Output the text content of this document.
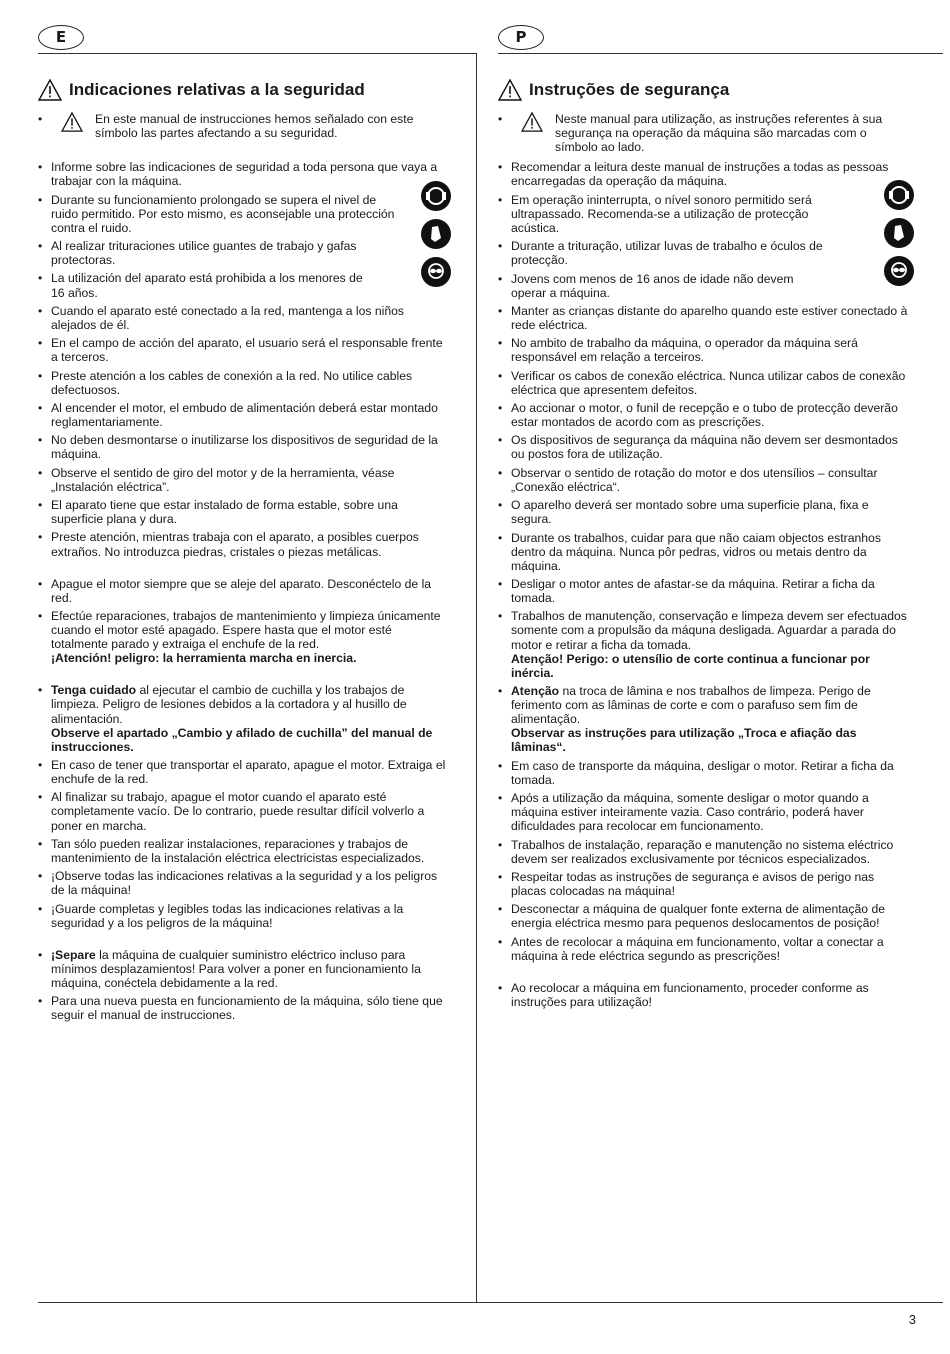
E	P
Indicaciones relativas a la seguridad
• En este manual de instrucciones hemos señalado con este símbolo las partes afectando a su seguridad.
• Informe sobre las indicaciones de seguridad a toda persona que vaya a trabajar con la máquina.
• Durante su funcionamiento prolongado se supera el nivel de ruido permitido. Por esto mismo, es aconsejable una protección contra el ruido.
• Al realizar trituraciones utilice guantes de trabajo y gafas protectoras.
• La utilización del aparato está prohibida a los menores de 16 años.
• Cuando el aparato esté conectado a la red, mantenga a los niños alejados de él.
• En el campo de acción del aparato, el usuario será el responsable frente a terceros.
• Preste atención a los cables de conexión a la red. No utilice cables defectuosos.
• Al encender el motor, el embudo de alimentación deberá estar montado reglamentariamente.
• No deben desmontarse o inutilizarse los dispositivos de seguridad de la máquina.
• Observe el sentido de giro del motor y de la herramienta, véase „Instalación eléctrica”.
• El aparato tiene que estar instalado de forma estable, sobre una superficie plana y dura.
• Preste atención, mientras trabaja con el aparato, a posibles cuerpos extraños. No introduzca piedras, cristales o piezas metálicas.
• Apague el motor siempre que se aleje del aparato. Desconéctelo de la red.
• Efectúe reparaciones, trabajos de mantenimiento y limpieza únicamente cuando el motor esté apagado. Espere hasta que el motor esté totalmente parado y extraiga el enchufe de la red.
¡Atención! peligro: la herramienta marcha en inercia.
• Tenga cuidado al ejecutar el cambio de cuchilla y los trabajos de limpieza. Peligro de lesiones debidos a la cortadora y al husillo de alimentación.
Observe el apartado „Cambio y afilado de cuchilla” del manual de instrucciones.
• En caso de tener que transportar el aparato, apague el motor. Extraiga el enchufe de la red.
• Al finalizar su trabajo, apague el motor cuando el aparato esté completamente vacío. De lo contrario, puede resultar difícil volverlo a poner en marcha.
• Tan sólo pueden realizar instalaciones, reparaciones y trabajos de mantenimiento de la instalación eléctrica electricistas especializados.
• ¡Observe todas las indicaciones relativas a la seguridad y a los peligros de la máquina!
• ¡Guarde completas y legibles todas las indicaciones relativas a la seguridad y a los peligros de la máquina!
• ¡Separe la máquina de cualquier suministro eléctrico incluso para mínimos desplazamientos! Para volver a poner en funcionamiento la máquina, conéctela debidamente a la red.
• Para una nueva puesta en funcionamiento de la máquina, sólo tiene que seguir el manual de instrucciones.
Instruções de segurança
• Neste manual para utilização, as instruções referentes à sua segurança na operação da máquina são marcadas com o símbolo ao lado.
• Recomendar a leitura deste manual de instruções a todas as pessoas encarregadas da operação da máquina.
• Em operação ininterrupta, o nível sonoro permitido será ultrapassado. Recomenda-se a utilização de protecção acústica.
• Durante a trituração, utilizar luvas de trabalho e óculos de protecção.
• Jovens com menos de 16 anos de idade não devem operar a máquina.
• Manter as crianças distante do aparelho quando este estiver conectado à rede eléctrica.
• No ambito de trabalho da máquina, o operador da máquina será responsável em relação a terceiros.
• Verificar os cabos de conexão eléctrica. Nunca utilizar cabos de conexão eléctrica que apresentem defeitos.
• Ao accionar o motor, o funil de recepção e o tubo de protecção deverão estar montados de acordo com as prescrições.
• Os dispositivos de segurança da máquina não devem ser desmontados ou postos fora de utilização.
• Observar o sentido de rotação do motor e dos utensílios – consultar „Conexão eléctrica“.
• O aparelho deverá ser montado sobre uma superficie plana, fixa e segura.
• Durante os trabalhos, cuidar para que não caiam objectos estranhos dentro da máquina. Nunca pôr pedras, vidros ou metais dentro da máquina.
• Desligar o motor antes de afastar-se da máquina. Retirar a ficha da tomada.
• Trabalhos de manutenção, conservação e limpeza devem ser efectuados somente com a propulsão da máquna desligada. Aguardar a parada do motor e retirar a ficha da tomada.
Atenção! Perigo: o utensílio de corte continua a funcionar por inércia.
• Atenção na troca de lâmina e nos trabalhos de limpeza. Perigo de ferimento com as lâminas de corte e com o parafuso sem fim de alimentação.
Observar as instruções para utilização „Troca e afiação das lâminas“.
• Em caso de transporte da máquina, desligar o motor. Retirar a ficha da tomada.
• Após a utilização da máquina, somente desligar o motor quando a máquina estiver inteiramente vazia. Caso contrário, poderá haver dificuldades para recolocar em funcionamento.
• Trabalhos de instalação, reparação e manutenção no sistema eléctrico devem ser realizados exclusivamente por técnicos especializados.
• Respeitar todas as instruções de segurança e avisos de perigo nas placas colocadas na máquina!
• Desconectar a máquina de qualquer fonte externa de alimentação de energia eléctrica mesmo para pequenos deslocamentos de posição!
• Antes de recolocar a máquina em funcionamento, voltar a conectar a máquina à rede eléctrica segundo as prescrições!
• Ao recolocar a máquina em funcionamento, proceder conforme as instruções para utilização!
3
